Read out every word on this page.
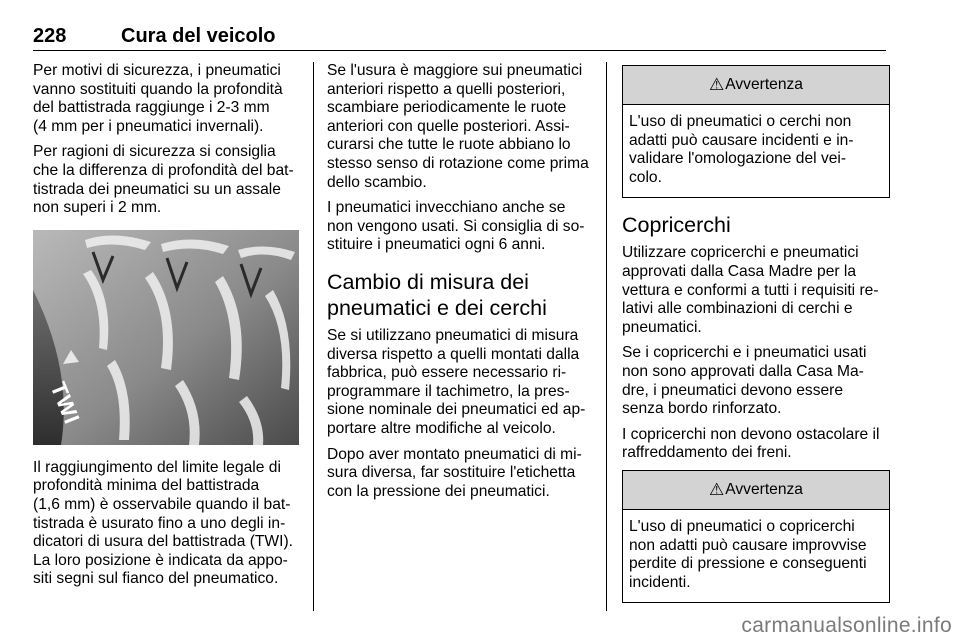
228	Cura del veicolo

Per motivi di sicurezza, i pneumatici
vanno sostituiti quando la profondità
del battistrada raggiunge i 2-3 mm
(4 mm per i pneumatici invernali).

Per ragioni di sicurezza si consiglia
che la differenza di profondità del bat-
tistrada dei pneumatici su un assale
non superi i 2 mm.

TWI

Il raggiungimento del limite legale di
profondità minima del battistrada
(1,6 mm) è osservabile quando il bat-
tistrada è usurato fino a uno degli in-
dicatori di usura del battistrada (TWI).
La loro posizione è indicata da appo-
siti segni sul fianco del pneumatico.

Se l'usura è maggiore sui pneumatici
anteriori rispetto a quelli posteriori,
scambiare periodicamente le ruote
anteriori con quelle posteriori. Assi-
curarsi che tutte le ruote abbiano lo
stesso senso di rotazione come prima
dello scambio.

I pneumatici invecchiano anche se
non vengono usati. Si consiglia di so-
stituire i pneumatici ogni 6 anni.

Cambio di misura dei
pneumatici e dei cerchi

Se si utilizzano pneumatici di misura
diversa rispetto a quelli montati dalla
fabbrica, può essere necessario ri-
programmare il tachimetro, la pres-
sione nominale dei pneumatici ed ap-
portare altre modifiche al veicolo.

Dopo aver montato pneumatici di mi-
sura diversa, far sostituire l'etichetta
con la pressione dei pneumatici.

⚠ Avvertenza
L'uso di pneumatici o cerchi non
adatti può causare incidenti e in-
validare l'omologazione del vei-
colo.
Copricerchi

Utilizzare copricerchi e pneumatici
approvati dalla Casa Madre per la
vettura e conformi a tutti i requisiti re-
lativi alle combinazioni di cerchi e
pneumatici.

Se i copricerchi e i pneumatici usati
non sono approvati dalla Casa Ma-
dre, i pneumatici devono essere
senza bordo rinforzato.

I copricerchi non devono ostacolare il
raffreddamento dei freni.

⚠ Avvertenza
L'uso di pneumatici o copricerchi
non adatti può causare improvvise
perdite di pressione e conseguenti
incidenti.
carmanualsonline.info
